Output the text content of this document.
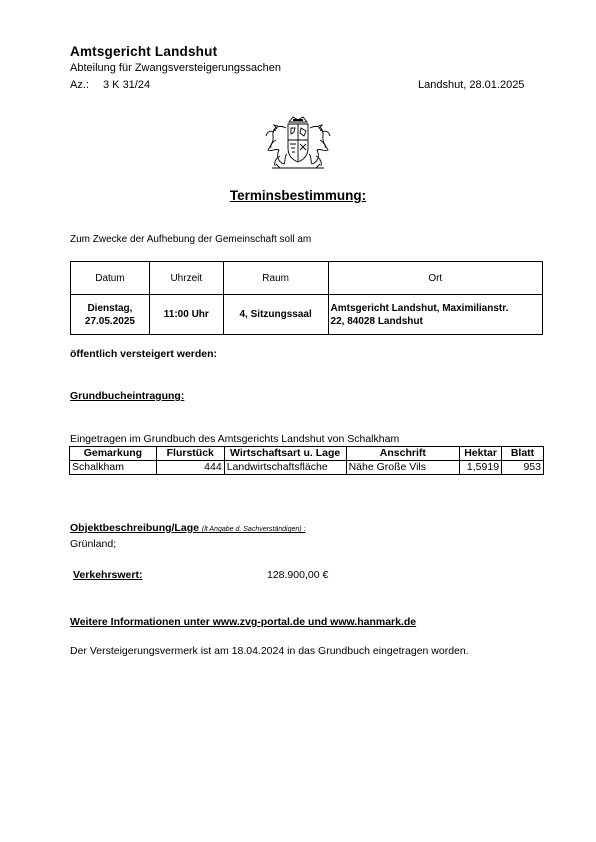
Amtsgericht Landshut
Abteilung für Zwangsversteigerungssachen
Az.: 3 K 31/24	Landshut, 28.01.2025
Terminsbestimmung:
Zum Zwecke der Aufhebung der Gemeinschaft soll am
Datum	Uhrzeit	Raum	Ort
Dienstag,
27.05.2025	11:00 Uhr	4, Sitzungssaal	Amtsgericht Landshut, Maximilianstr.
22, 84028 Landshut
öffentlich versteigert werden:
Grundbucheintragung:
Eingetragen im Grundbuch des Amtsgerichts Landshut von Schalkham
Gemarkung	Flurstück	Wirtschaftsart u. Lage	Anschrift	Hektar	Blatt
Schalkham	444	Landwirtschaftsfläche	Nähe Große Vils	1,5919	953
Objektbeschreibung/Lage (lt Angabe d. Sachverständigen) :
Grünland;
Verkehrswert:	128.900,00 €
Weitere Informationen unter www.zvg-portal.de und www.hanmark.de
Der Versteigerungsvermerk ist am 18.04.2024 in das Grundbuch eingetragen worden.
